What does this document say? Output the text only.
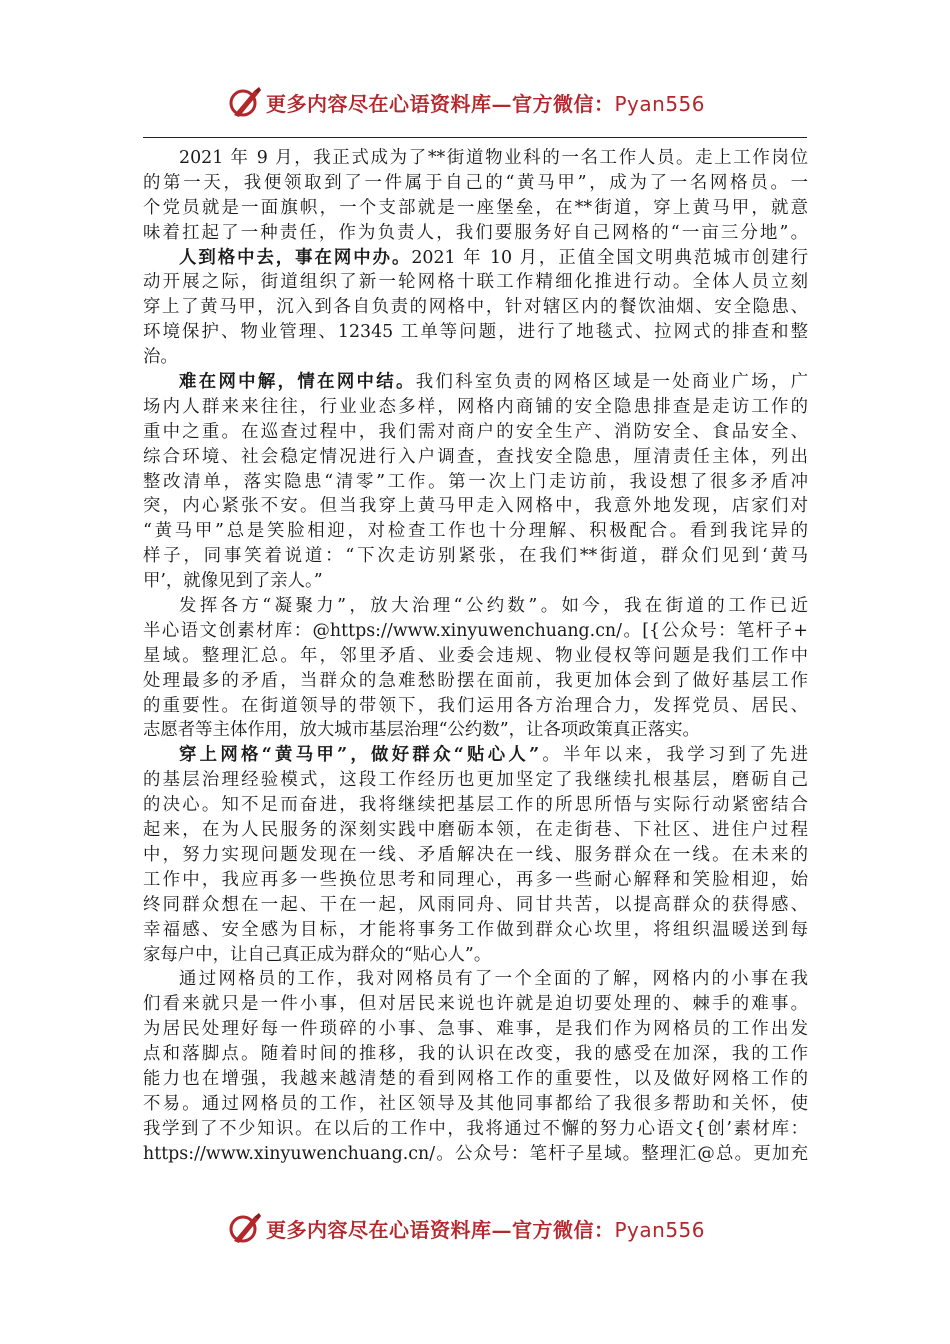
更多内容尽在心语资料库—官方微信：Pyan556
2021 年 9 月，我正式成为了**街道物业科的一名工作人员。走上工作岗位
的第一天，我便领取到了一件属于自己的“黄马甲”，成为了一名网格员。一
个党员就是一面旗帜，一个支部就是一座堡垒，在**街道，穿上黄马甲，就意
味着扛起了一种责任，作为负责人，我们要服务好自己网格的“一亩三分地”。
人到格中去，事在网中办。2021 年 10 月，正值全国文明典范城市创建行
动开展之际，街道组织了新一轮网格十联工作精细化推进行动。全体人员立刻
穿上了黄马甲，沉入到各自负责的网格中，针对辖区内的餐饮油烟、安全隐患、
环境保护、物业管理、12345 工单等问题，进行了地毯式、拉网式的排查和整
治。
难在网中解，情在网中结。我们科室负责的网格区域是一处商业广场，广
场内人群来来往往，行业业态多样，网格内商铺的安全隐患排查是走访工作的
重中之重。在巡查过程中，我们需对商户的安全生产、消防安全、食品安全、
综合环境、社会稳定情况进行入户调查，查找安全隐患，厘清责任主体，列出
整改清单，落实隐患“清零”工作。第一次上门走访前，我设想了很多矛盾冲
突，内心紧张不安。但当我穿上黄马甲走入网格中，我意外地发现，店家们对
“黄马甲”总是笑脸相迎，对检查工作也十分理解、积极配合。看到我诧异的
样子，同事笑着说道：“下次走访别紧张，在我们**街道，群众们见到‘黄马
甲’，就像见到了亲人。”
发挥各方“凝聚力”，放大治理“公约数”。如今，我在街道的工作已近
半心语文创素材库：@https://www.xinyuwenchuang.cn/。[{公众号：笔杆子+
星域。整理汇总。年，邻里矛盾、业委会违规、物业侵权等问题是我们工作中
处理最多的矛盾，当群众的急难愁盼摆在面前，我更加体会到了做好基层工作
的重要性。在街道领导的带领下，我们运用各方治理合力，发挥党员、居民、
志愿者等主体作用，放大城市基层治理“公约数”，让各项政策真正落实。
穿上网格“黄马甲”，做好群众“贴心人”。半年以来，我学习到了先进
的基层治理经验模式，这段工作经历也更加坚定了我继续扎根基层，磨砺自己
的决心。知不足而奋进，我将继续把基层工作的所思所悟与实际行动紧密结合
起来，在为人民服务的深刻实践中磨砺本领，在走街巷、下社区、进住户过程
中，努力实现问题发现在一线、矛盾解决在一线、服务群众在一线。在未来的
工作中，我应再多一些换位思考和同理心，再多一些耐心解释和笑脸相迎，始
终同群众想在一起、干在一起，风雨同舟、同甘共苦，以提高群众的获得感、
幸福感、安全感为目标，才能将事务工作做到群众心坎里，将组织温暖送到每
家每户中，让自己真正成为群众的“贴心人”。
通过网格员的工作，我对网格员有了一个全面的了解，网格内的小事在我
们看来就只是一件小事，但对居民来说也许就是迫切要处理的、棘手的难事。
为居民处理好每一件琐碎的小事、急事、难事，是我们作为网格员的工作出发
点和落脚点。随着时间的推移，我的认识在改变，我的感受在加深，我的工作
能力也在增强，我越来越清楚的看到网格工作的重要性，以及做好网格工作的
不易。通过网格员的工作，社区领导及其他同事都给了我很多帮助和关怀，使
我学到了不少知识。在以后的工作中，我将通过不懈的努力心语文{创’素材库：
https://www.xinyuwenchuang.cn/。公众号：笔杆子星域。整理汇@总。更加充
更多内容尽在心语资料库—官方微信：Pyan556
